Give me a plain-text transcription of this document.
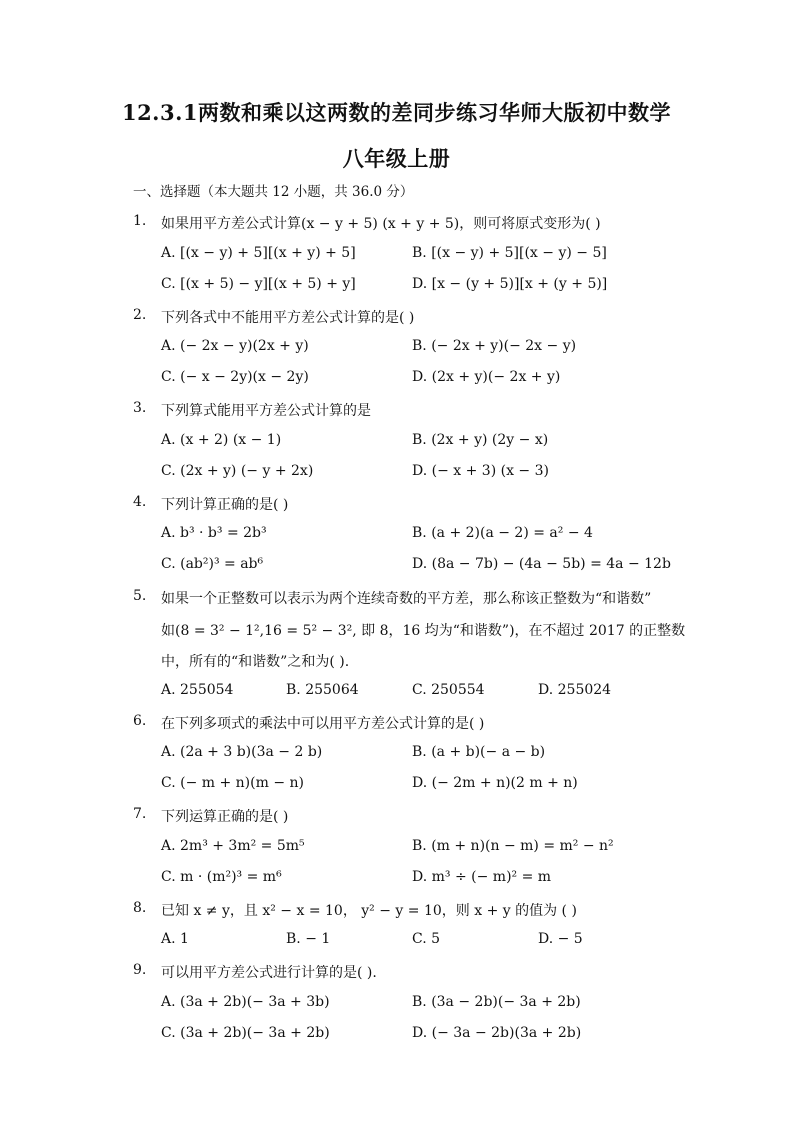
12.3.1两数和乘以这两数的差同步练习华师大版初中数学
八年级上册
一、选择题（本大题共 12 小题，共 36.0 分）
1. 如果用平方差公式计算(x − y + 5) (x + y + 5)，则可将原式变形为( )
A. [(x − y) + 5][(x + y) + 5]	B. [(x − y) + 5][(x − y) − 5]
C. [(x + 5) − y][(x + 5) + y]	D. [x − (y + 5)][x + (y + 5)]
2. 下列各式中不能用平方差公式计算的是( )
A. (− 2x − y)(2x + y)	B. (− 2x + y)(− 2x − y)
C. (− x − 2y)(x − 2y)	D. (2x + y)(− 2x + y)
3. 下列算式能用平方差公式计算的是
A. (x + 2) (x − 1)	B. (2x + y) (2y − x)
C. (2x + y) (− y + 2x)	D. (− x + 3) (x − 3)
4. 下列计算正确的是( )
A. b³ · b³ = 2b³	B. (a + 2)(a − 2) = a² − 4
C. (ab²)³ = ab⁶	D. (8a − 7b) − (4a − 5b) = 4a − 12b
5. 如果一个正整数可以表示为两个连续奇数的平方差，那么称该正整数为“和谐数”
如(8 = 3² − 1²,16 = 5² − 3², 即 8，16 均为“和谐数”)，在不超过 2017 的正整数
中，所有的“和谐数”之和为( ).
A. 255054	B. 255064	C. 250554	D. 255024
6. 在下列多项式的乘法中可以用平方差公式计算的是( )
A. (2a + 3 b)(3a − 2 b)	B. (a + b)(− a − b)
C. (− m + n)(m − n)	D. (− 2m + n)(2 m + n)
7. 下列运算正确的是( )
A. 2m³ + 3m² = 5m⁵	B. (m + n)(n − m) = m² − n²
C. m · (m²)³ = m⁶	D. m³ ÷ (− m)² = m
8. 已知 x ≠ y，且 x² − x = 10， y² − y = 10，则 x + y 的值为 ( )
A. 1	B. − 1	C. 5	D. − 5
9. 可以用平方差公式进行计算的是( ).
A. (3a + 2b)(− 3a + 3b)	B. (3a − 2b)(− 3a + 2b)
C. (3a + 2b)(− 3a + 2b)	D. (− 3a − 2b)(3a + 2b)
